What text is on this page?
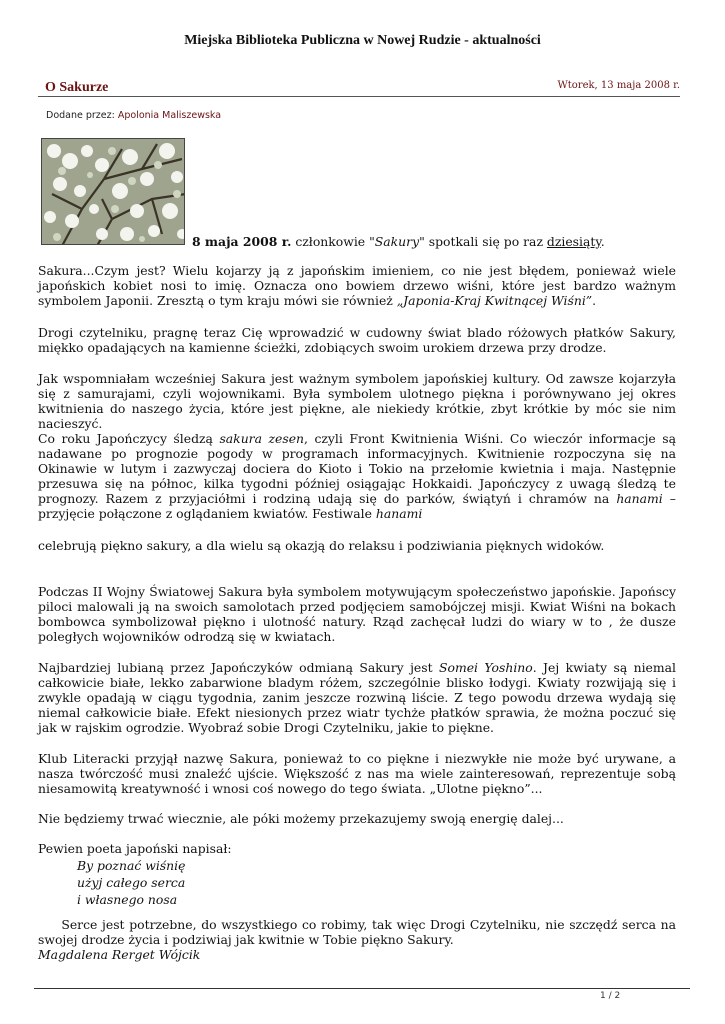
Miejska Biblioteka Publiczna w Nowej Rudzie - aktualności
O Sakurze	Wtorek, 13 maja 2008 r.
Dodane przez: Apolonia Maliszewska
8 maja 2008 r. członkowie "Sakury" spotkali się po raz dziesiąty.

Sakura...Czym jest? Wielu kojarzy ją z japońskim imieniem, co nie jest błędem, ponieważ wiele japońskich kobiet nosi to imię. Oznacza ono bowiem drzewo wiśni, które jest bardzo ważnym symbolem Japonii. Zresztą o tym kraju mówi sie również „Japonia-Kraj Kwitnącej Wiśni”.

Drogi czytelniku, pragnę teraz Cię wprowadzić w cudowny świat blado różowych płatków Sakury, miękko opadających na kamienne ścieżki, zdobiących swoim urokiem drzewa przy drodze.

Jak wspomniałam wcześniej Sakura jest ważnym symbolem japońskiej kultury. Od zawsze kojarzyła się z samurajami, czyli wojownikami. Była symbolem ulotnego piękna i porównywano jej okres kwitnienia do naszego życia, które jest piękne, ale niekiedy krótkie, zbyt krótkie by móc sie nim nacieszyć.

Co roku Japończycy śledzą sakura zesen, czyli Front Kwitnienia Wiśni. Co wieczór informacje są nadawane po prognozie pogody w programach informacyjnych. Kwitnienie rozpoczyna się na Okinawie w lutym i zazwyczaj dociera do Kioto i Tokio na przełomie kwietnia i maja. Następnie przesuwa się na północ, kilka tygodni później osiągając Hokkaidi. Japończycy z uwagą śledzą te prognozy. Razem z przyjaciółmi i rodziną udają się do parków, świątyń i chramów na hanami – przyjęcie połączone z oglądaniem kwiatów. Festiwale hanami

celebrują piękno sakury, a dla wielu są okazją do relaksu i podziwiania pięknych widoków.

Podczas II Wojny Światowej Sakura była symbolem motywującym społeczeństwo japońskie. Japońscy piloci malowali ją na swoich samolotach przed podjęciem samobójczej misji. Kwiat Wiśni na bokach bombowca symbolizował piękno i ulotność natury. Rząd zachęcał ludzi do wiary w to , że dusze poległych wojowników odrodzą się w kwiatach.

Najbardziej lubianą przez Japończyków odmianą Sakury jest Somei Yoshino. Jej kwiaty są niemal całkowicie białe, lekko zabarwione bladym różem, szczególnie blisko łodygi. Kwiaty rozwijają się i zwykle opadają w ciągu tygodnia, zanim jeszcze rozwiną liście. Z tego powodu drzewa wydają się niemal całkowicie białe. Efekt niesionych przez wiatr tychże płatków sprawia, że można poczuć się jak w rajskim ogrodzie. Wyobraź sobie Drogi Czytelniku, jakie to piękne.

Klub Literacki przyjął nazwę Sakura, ponieważ to co piękne i niezwykłe nie może być urywane, a nasza twórczość musi znaleźć ujście. Większość z nas ma wiele zainteresowań, reprezentuje sobą niesamowitą kreatywność i wnosi coś nowego do tego świata. „Ulotne piękno”...

Nie będziemy trwać wiecznie, ale póki możemy przekazujemy swoją energię dalej...

Pewien poeta japoński napisał:

By poznać wiśnię
użyj całego serca
i własnego nosa

Serce jest potrzebne, do wszystkiego co robimy, tak więc Drogi Czytelniku, nie szczędź serca na swojej drodze życia i podziwiaj jak kwitnie w Tobie piękno Sakury.

Magdalena Rerget Wójcik

1 / 2
